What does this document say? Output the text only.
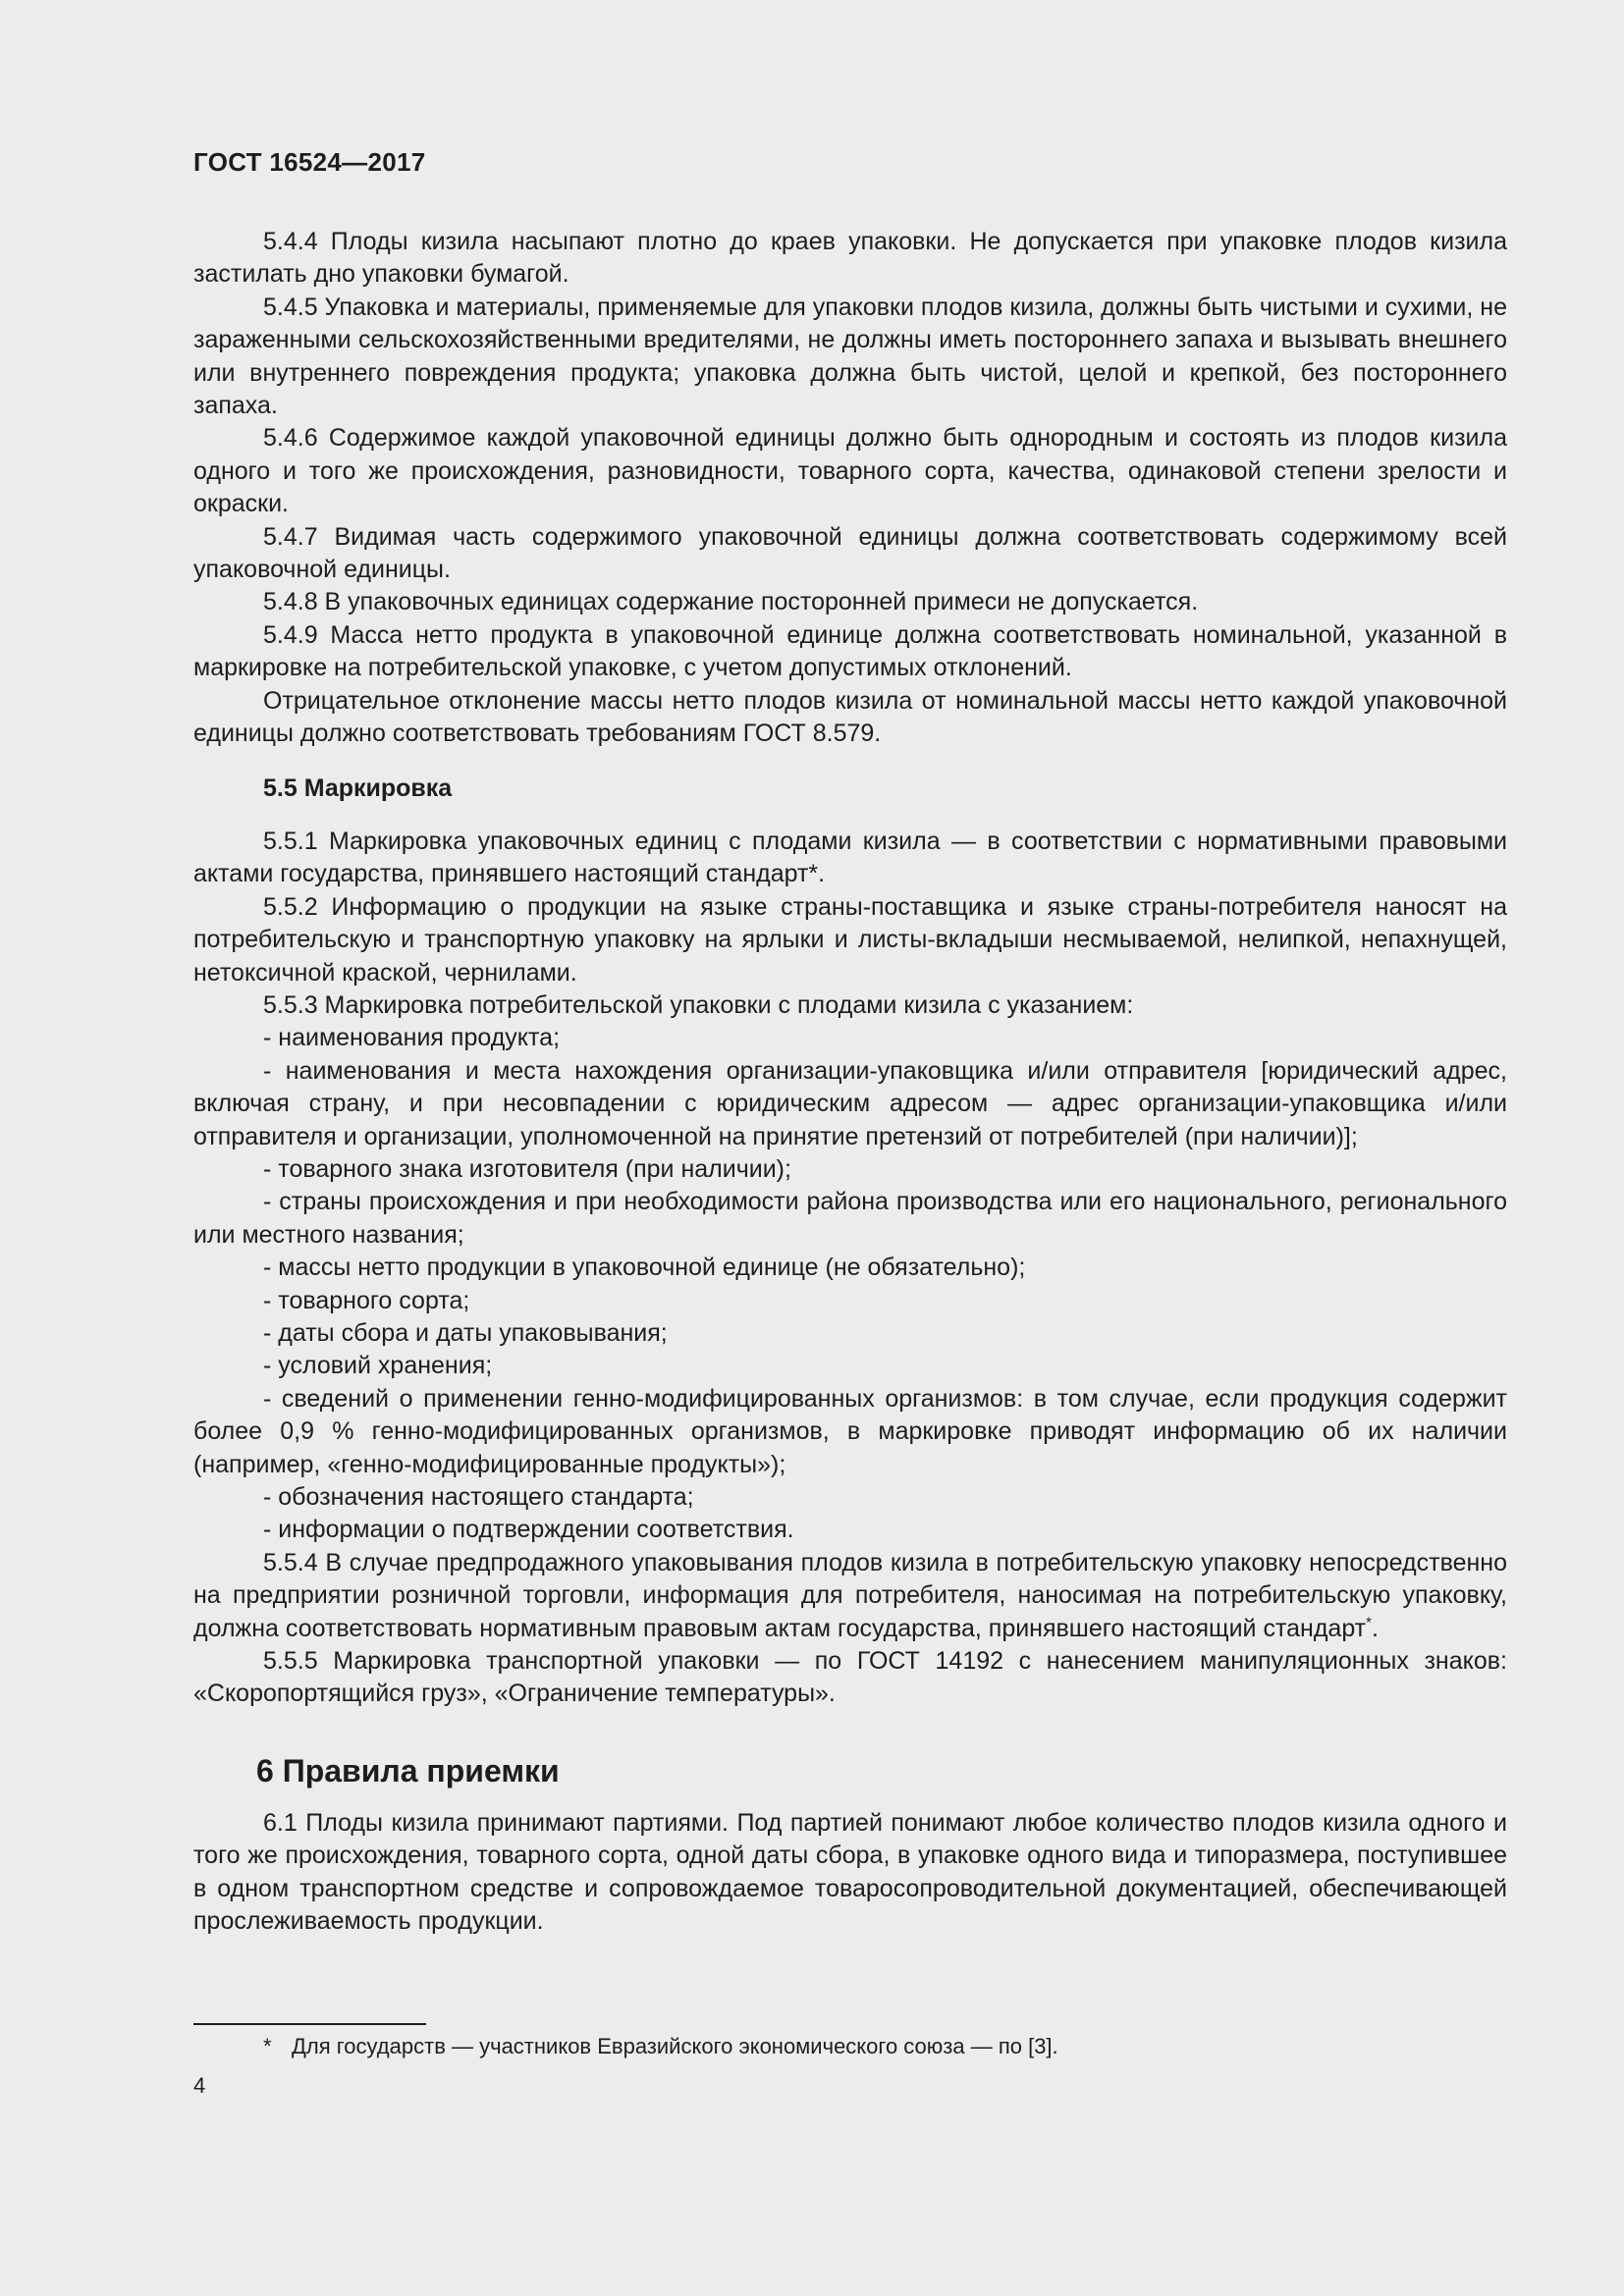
ГОСТ 16524—2017

5.4.4 Плоды кизила насыпают плотно до краев упаковки. Не допускается при упаковке плодов кизила застилать дно упаковки бумагой.

5.4.5 Упаковка и материалы, применяемые для упаковки плодов кизила, должны быть чистыми и сухими, не зараженными сельскохозяйственными вредителями, не должны иметь постороннего запаха и вызывать внешнего или внутреннего повреждения продукта; упаковка должна быть чистой, целой и крепкой, без постороннего запаха.

5.4.6 Содержимое каждой упаковочной единицы должно быть однородным и состоять из плодов кизила одного и того же происхождения, разновидности, товарного сорта, качества, одинаковой степени зрелости и окраски.

5.4.7 Видимая часть содержимого упаковочной единицы должна соответствовать содержимому всей упаковочной единицы.

5.4.8 В упаковочных единицах содержание посторонней примеси не допускается.

5.4.9 Масса нетто продукта в упаковочной единице должна соответствовать номинальной, указанной в маркировке на потребительской упаковке, с учетом допустимых отклонений.

Отрицательное отклонение массы нетто плодов кизила от номинальной массы нетто каждой упаковочной единицы должно соответствовать требованиям ГОСТ 8.579.

5.5 Маркировка

5.5.1 Маркировка упаковочных единиц с плодами кизила — в соответствии с нормативными правовыми актами государства, принявшего настоящий стандарт*.

5.5.2 Информацию о продукции на языке страны-поставщика и языке страны-потребителя наносят на потребительскую и транспортную упаковку на ярлыки и листы-вкладыши несмываемой, нелипкой, непахнущей, нетоксичной краской, чернилами.

5.5.3 Маркировка потребительской упаковки с плодами кизила с указанием:

- наименования продукта;

- наименования и места нахождения организации-упаковщика и/или отправителя [юридический адрес, включая страну, и при несовпадении с юридическим адресом — адрес организации-упаковщика и/или отправителя и организации, уполномоченной на принятие претензий от потребителей (при наличии)];

- товарного знака изготовителя (при наличии);

- страны происхождения и при необходимости района производства или его национального, регионального или местного названия;

- массы нетто продукции в упаковочной единице (не обязательно);

- товарного сорта;

- даты сбора и даты упаковывания;

- условий хранения;

- сведений о применении генно-модифицированных организмов: в том случае, если продукция содержит более 0,9 % генно-модифицированных организмов, в маркировке приводят информацию об их наличии (например, «генно-модифицированные продукты»);

- обозначения настоящего стандарта;

- информации о подтверждении соответствия.

5.5.4 В случае предпродажного упаковывания плодов кизила в потребительскую упаковку непосредственно на предприятии розничной торговли, информация для потребителя, наносимая на потребительскую упаковку, должна соответствовать нормативным правовым актам государства, принявшего настоящий стандарт*.

5.5.5 Маркировка транспортной упаковки — по ГОСТ 14192 с нанесением манипуляционных знаков: «Скоропортящийся груз», «Ограничение температуры».

6 Правила приемки

6.1 Плоды кизила принимают партиями. Под партией понимают любое количество плодов кизила одного и того же происхождения, товарного сорта, одной даты сбора, в упаковке одного вида и типоразмера, поступившее в одном транспортном средстве и сопровождаемое товаросопроводительной документацией, обеспечивающей прослеживаемость продукции.

* Для государств — участников Евразийского экономического союза — по [3].
4
